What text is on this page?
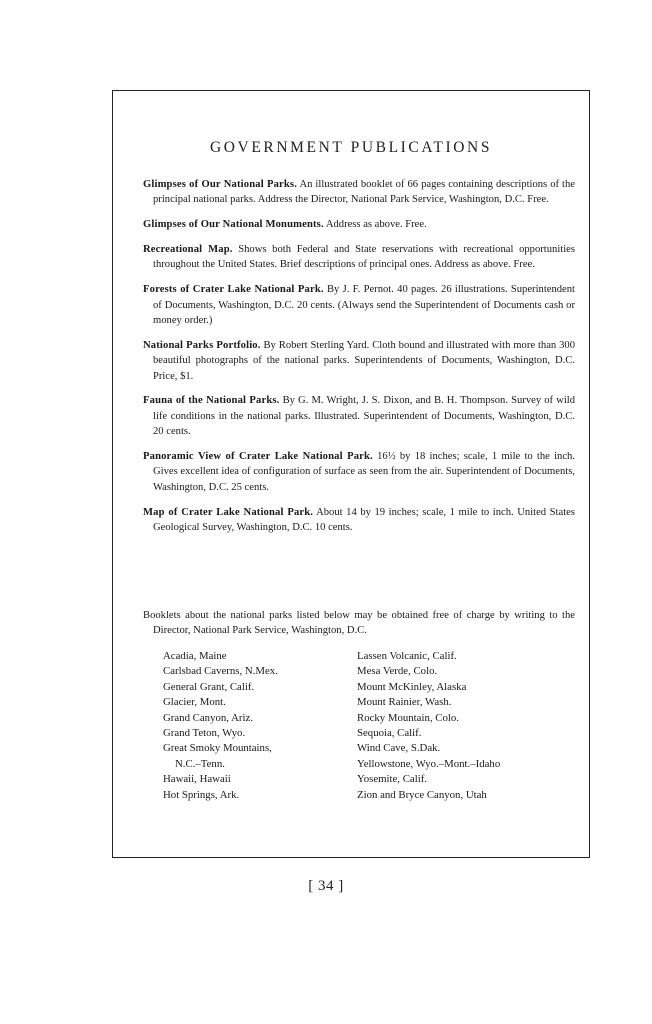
GOVERNMENT PUBLICATIONS

Glimpses of Our National Parks. An illustrated booklet of 66 pages containing descriptions of the principal national parks. Address the Director, National Park Service, Washington, D.C. Free.

Glimpses of Our National Monuments. Address as above. Free.

Recreational Map. Shows both Federal and State reservations with recreational opportunities throughout the United States. Brief descriptions of principal ones. Address as above. Free.

Forests of Crater Lake National Park. By J. F. Pernot. 40 pages. 26 illustrations. Superintendent of Documents, Washington, D.C. 20 cents. (Always send the Superintendent of Documents cash or money order.)

National Parks Portfolio. By Robert Sterling Yard. Cloth bound and illustrated with more than 300 beautiful photographs of the national parks. Superintendents of Documents, Washington, D.C. Price, $1.

Fauna of the National Parks. By G. M. Wright, J. S. Dixon, and B. H. Thompson. Survey of wild life conditions in the national parks. Illustrated. Superintendent of Documents, Washington, D.C. 20 cents.

Panoramic View of Crater Lake National Park. 16½ by 18 inches; scale, 1 mile to the inch. Gives excellent idea of configuration of surface as seen from the air. Superintendent of Documents, Washington, D.C. 25 cents.

Map of Crater Lake National Park. About 14 by 19 inches; scale, 1 mile to inch. United States Geological Survey, Washington, D.C. 10 cents.

Booklets about the national parks listed below may be obtained free of charge by writing to the Director, National Park Service, Washington, D.C.

Acadia, Maine
Carlsbad Caverns, N.Mex.
General Grant, Calif.
Glacier, Mont.
Grand Canyon, Ariz.
Grand Teton, Wyo.
Great Smoky Mountains,
N.C.–Tenn.
Hawaii, Hawaii
Hot Springs, Ark.
Lassen Volcanic, Calif.
Mesa Verde, Colo.
Mount McKinley, Alaska
Mount Rainier, Wash.
Rocky Mountain, Colo.
Sequoia, Calif.
Wind Cave, S.Dak.
Yellowstone, Wyo.–Mont.–Idaho
Yosemite, Calif.
Zion and Bryce Canyon, Utah
[ 34 ]
